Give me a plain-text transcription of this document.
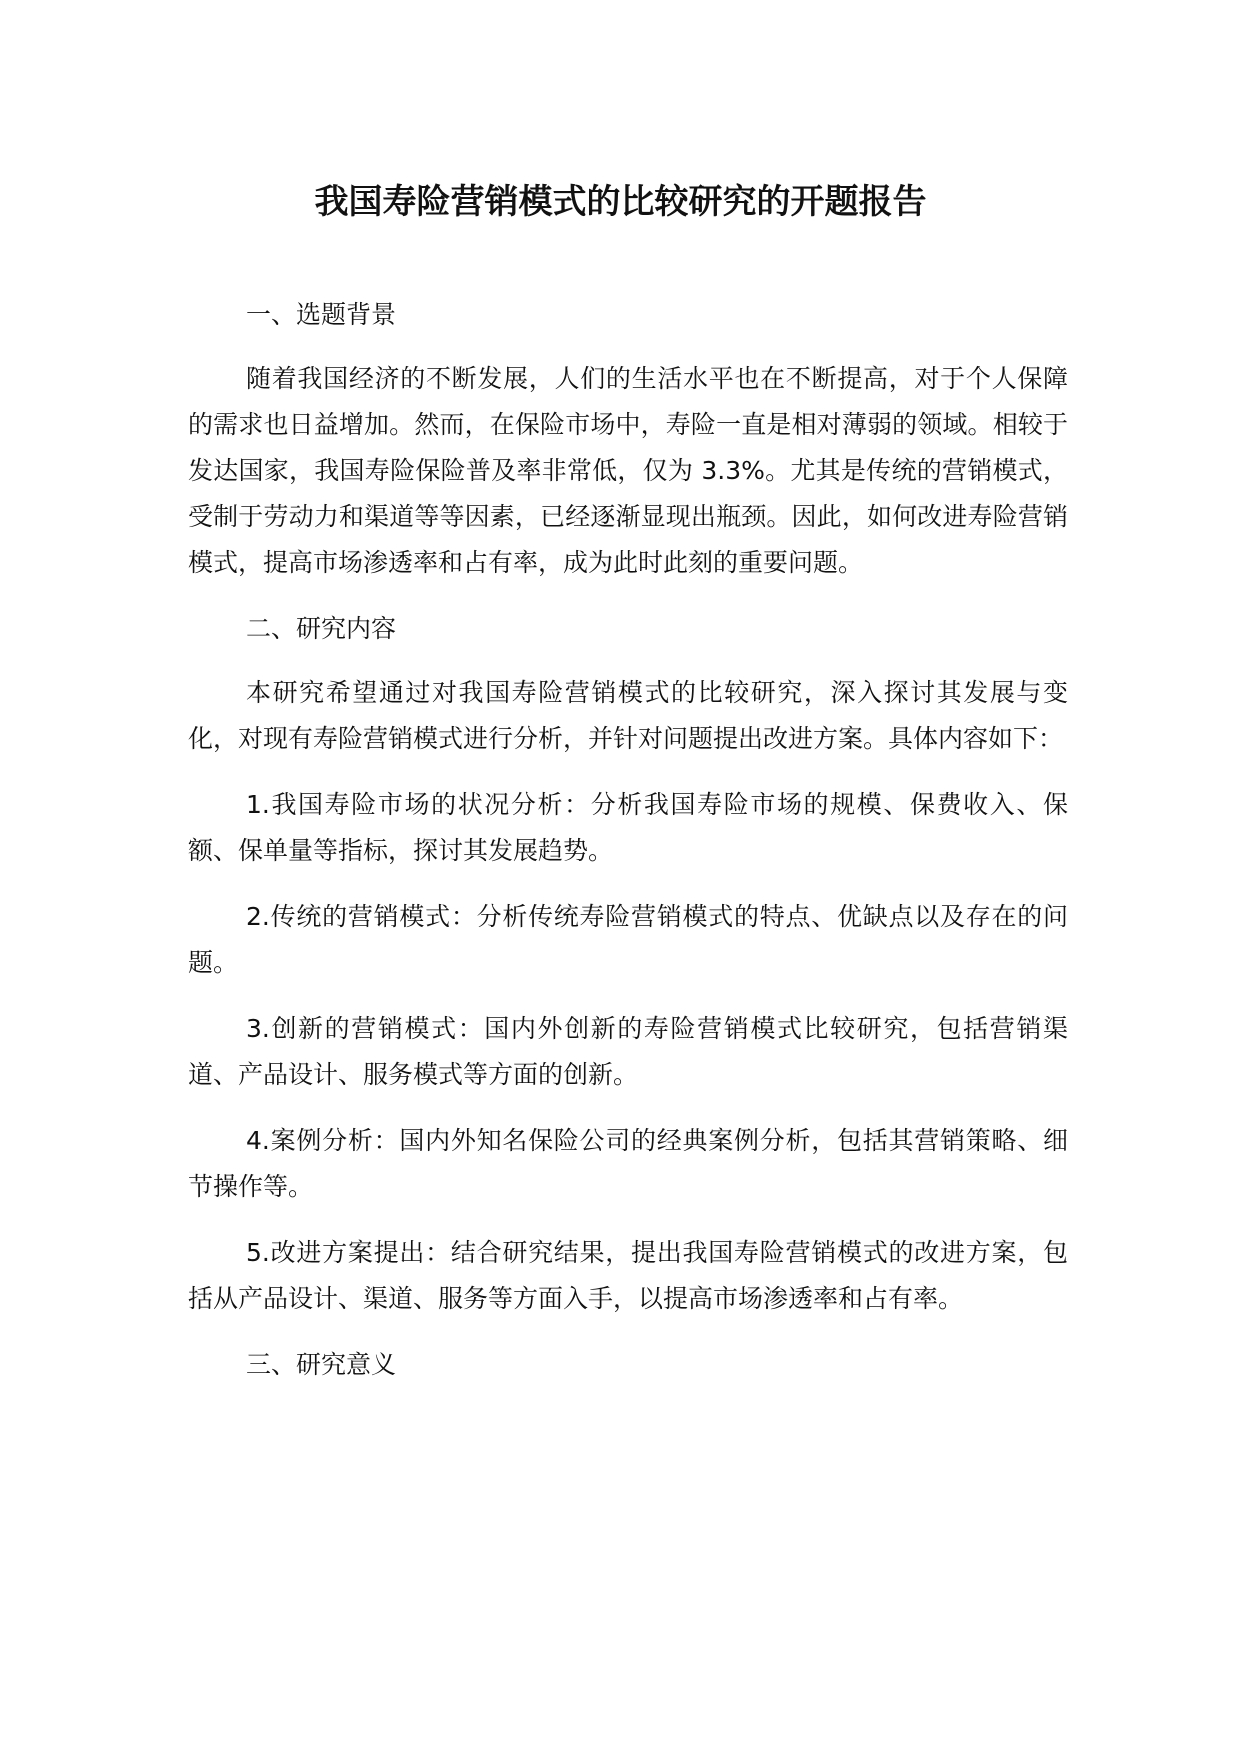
我国寿险营销模式的比较研究的开题报告
一、选题背景

随着我国经济的不断发展，人们的生活水平也在不断提高，对于个人保障的需求也日益增加。然而，在保险市场中，寿险一直是相对薄弱的领域。相较于发达国家，我国寿险保险普及率非常低，仅为 3.3%。尤其是传统的营销模式，受制于劳动力和渠道等等因素，已经逐渐显现出瓶颈。因此，如何改进寿险营销模式，提高市场渗透率和占有率，成为此时此刻的重要问题。

二、研究内容

本研究希望通过对我国寿险营销模式的比较研究，深入探讨其发展与变化，对现有寿险营销模式进行分析，并针对问题提出改进方案。具体内容如下：

1.我国寿险市场的状况分析：分析我国寿险市场的规模、保费收入、保额、保单量等指标，探讨其发展趋势。

2.传统的营销模式：分析传统寿险营销模式的特点、优缺点以及存在的问题。

3.创新的营销模式：国内外创新的寿险营销模式比较研究，包括营销渠道、产品设计、服务模式等方面的创新。

4.案例分析：国内外知名保险公司的经典案例分析，包括其营销策略、细节操作等。

5.改进方案提出：结合研究结果，提出我国寿险营销模式的改进方案，包括从产品设计、渠道、服务等方面入手，以提高市场渗透率和占有率。

三、研究意义
